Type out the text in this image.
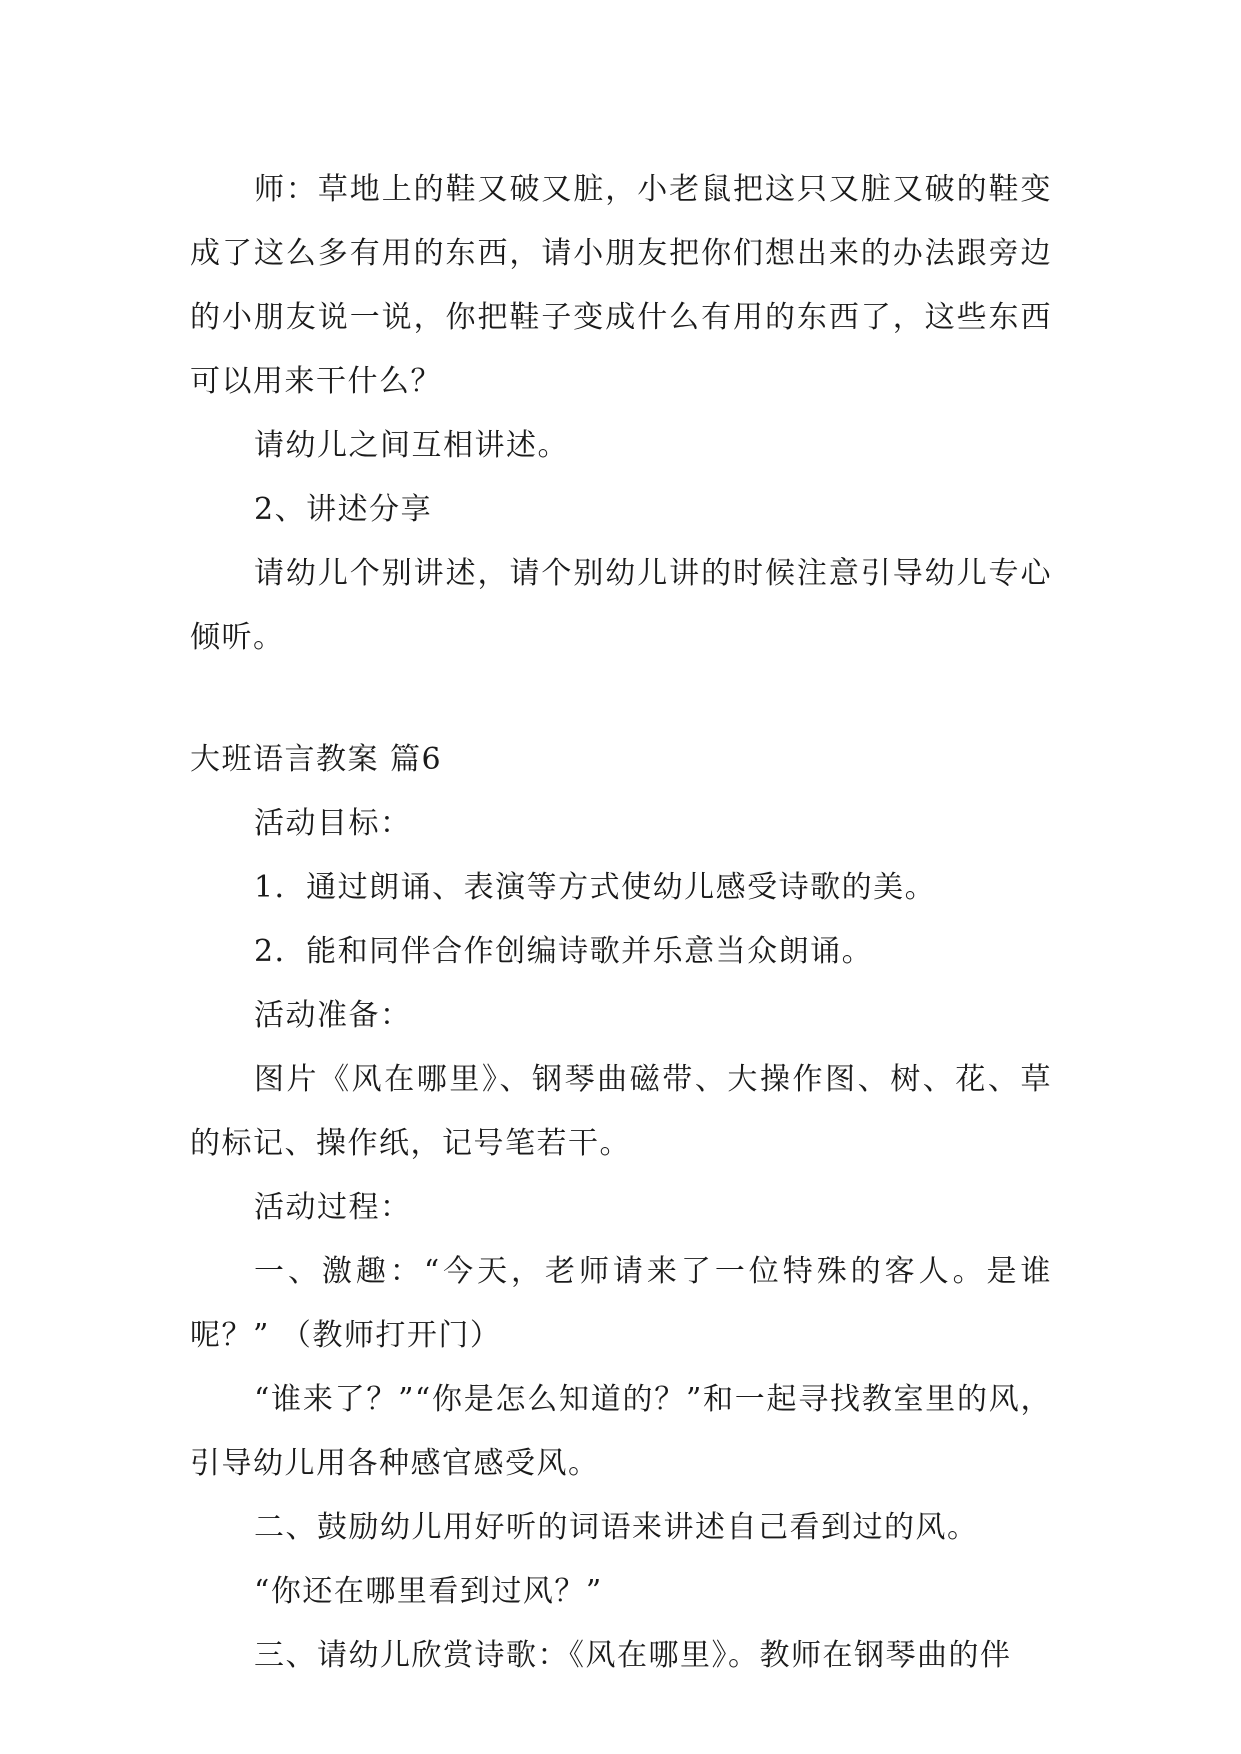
师：草地上的鞋又破又脏，小老鼠把这只又脏又破的鞋变成了这么多有用的东西，请小朋友把你们想出来的办法跟旁边的小朋友说一说，你把鞋子变成什么有用的东西了，这些东西可以用来干什么？

请幼儿之间互相讲述。

2、讲述分享

请幼儿个别讲述，请个别幼儿讲的时候注意引导幼儿专心倾听。

大班语言教案 篇6

活动目标：

1．通过朗诵、表演等方式使幼儿感受诗歌的美。

2．能和同伴合作创编诗歌并乐意当众朗诵。

活动准备：

图片《风在哪里》、钢琴曲磁带、大操作图、树、花、草的标记、操作纸，记号笔若干。

活动过程：

一、激趣：“今天，老师请来了一位特殊的客人。是谁呢？” （教师打开门）

“谁来了？”“你是怎么知道的？”和一起寻找教室里的风，引导幼儿用各种感官感受风。

二、鼓励幼儿用好听的词语来讲述自己看到过的风。

“你还在哪里看到过风？”

三、请幼儿欣赏诗歌：《风在哪里》。教师在钢琴曲的伴
